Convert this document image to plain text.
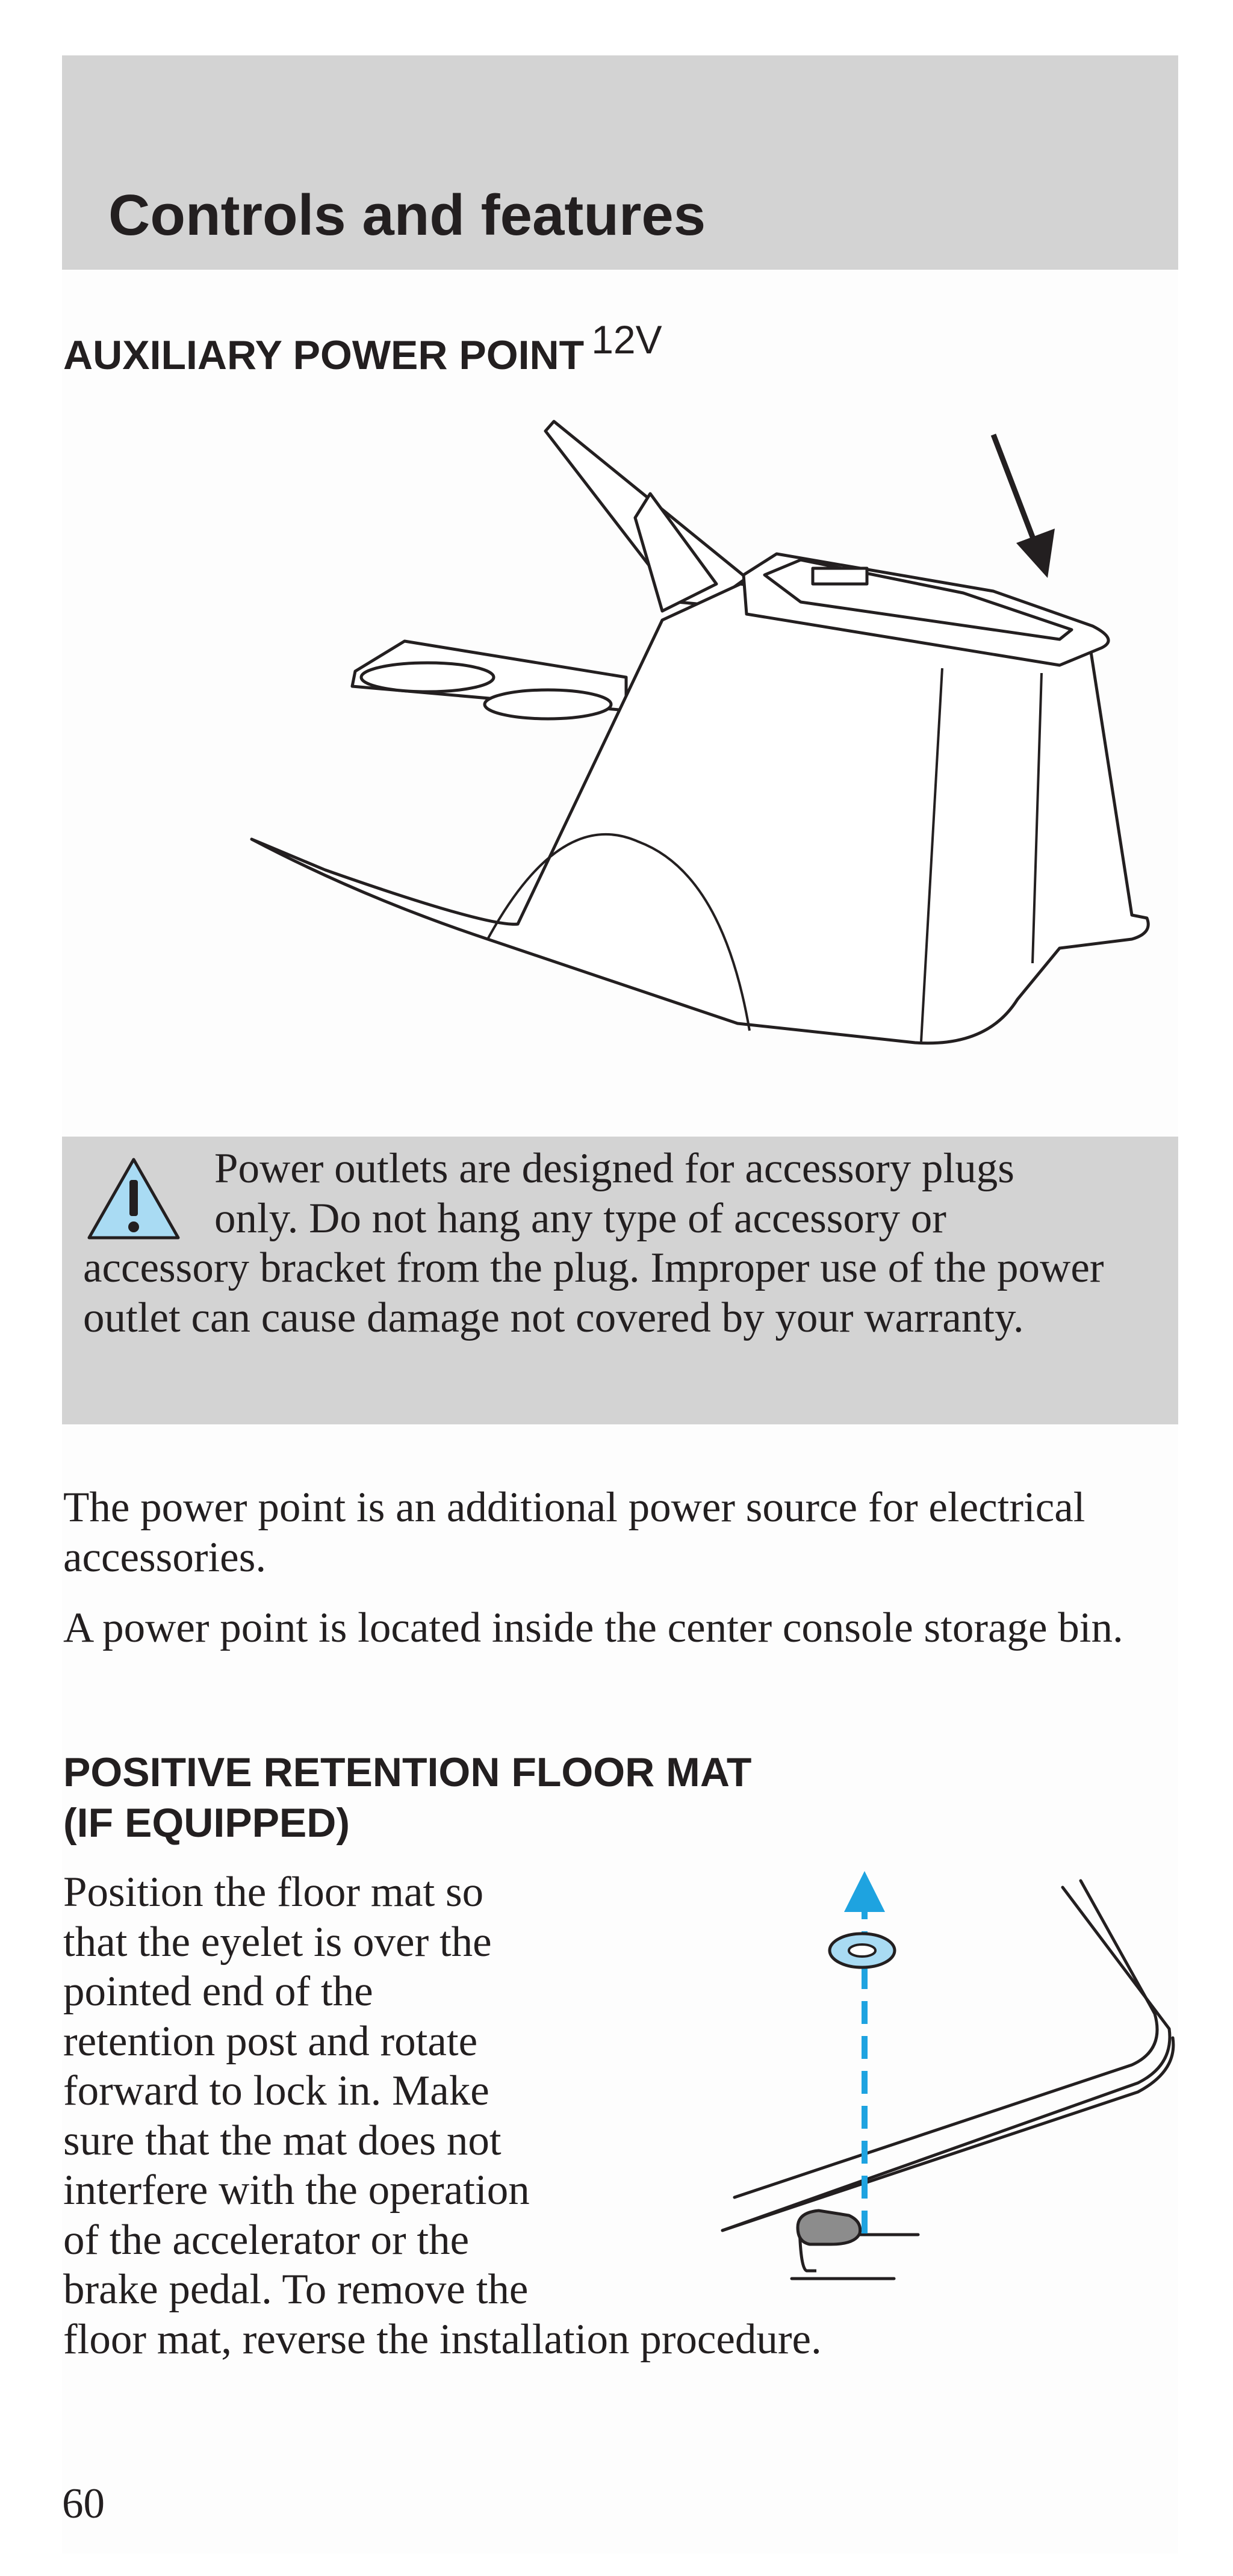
Controls and features
AUXILIARY POWER POINT 12V

Power outlets are designed for accessory plugs only. Do not hang any type of accessory or accessory bracket from the plug. Improper use of the power outlet can cause damage not covered by your warranty.

The power point is an additional power source for electrical accessories.

A power point is located inside the center console storage bin.

POSITIVE RETENTION FLOOR MAT
(IF EQUIPPED)
Position the floor mat so
that the eyelet is over the
pointed end of the
retention post and rotate
forward to lock in. Make
sure that the mat does not
interfere with the operation
of the accelerator or the
brake pedal. To remove the
floor mat, reverse the installation procedure.
60
